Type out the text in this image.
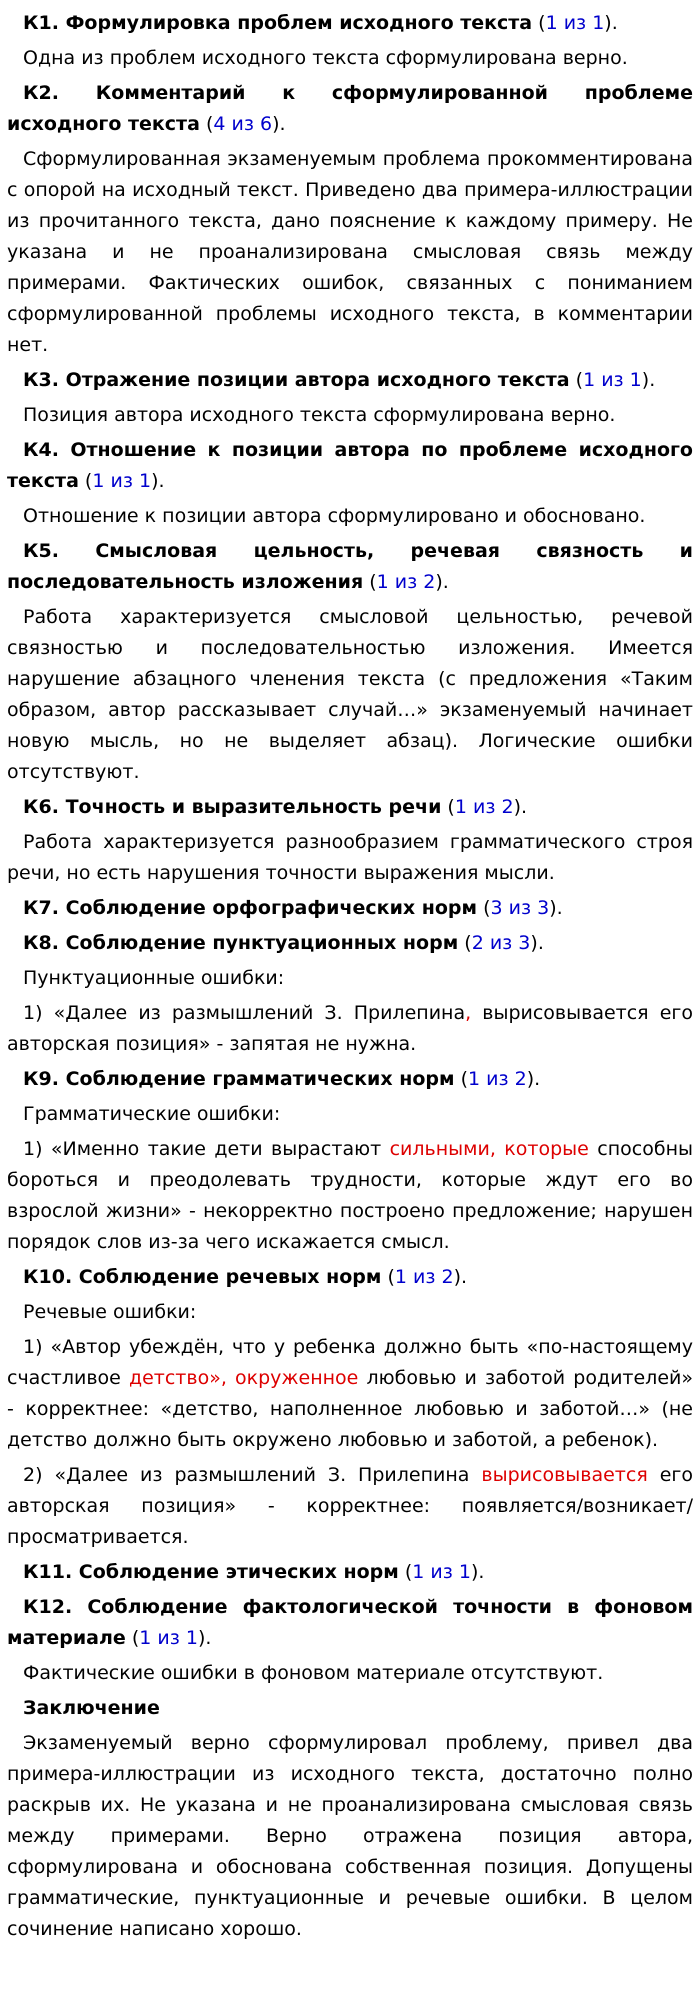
К1. Формулировка проблем исходного текста (1 из 1).

Одна из проблем исходного текста сформулирована верно.

К2. Комментарий к сформулированной проблеме исходного текста (4 из 6).

Сформулированная экзаменуемым проблема прокомментирована с опорой на исходный текст. Приведено два примера-иллюстрации из прочитанного текста, дано пояснение к каждому примеру. Не указана и не проанализирована смысловая связь между примерами. Фактических ошибок, связанных с пониманием сформулированной проблемы исходного текста, в комментарии нет.

К3. Отражение позиции автора исходного текста (1 из 1).

Позиция автора исходного текста сформулирована верно.

К4. Отношение к позиции автора по проблеме исходного текста (1 из 1).

Отношение к позиции автора сформулировано и обосновано.

К5. Смысловая цельность, речевая связность и последовательность изложения (1 из 2).

Работа характеризуется смысловой цельностью, речевой связностью и последовательностью изложения. Имеется нарушение абзацного членения текста (с предложения «Таким образом, автор рассказывает случай…» экзаменуемый начинает новую мысль, но не выделяет абзац). Логические ошибки отсутствуют.

К6. Точность и выразительность речи (1 из 2).

Работа характеризуется разнообразием грамматического строя речи, но есть нарушения точности выражения мысли.

К7. Соблюдение орфографических норм (3 из 3).

К8. Соблюдение пунктуационных норм (2 из 3).

Пунктуационные ошибки:

1) «Далее из размышлений З. Прилепина, вырисовывается его авторская позиция» - запятая не нужна.

К9. Соблюдение грамматических норм (1 из 2).

Грамматические ошибки:

1) «Именно такие дети вырастают сильными, которые способны бороться и преодолевать трудности, которые ждут его во взрослой жизни» - некорректно построено предложение; нарушен порядок слов из-за чего искажается смысл.

К10. Соблюдение речевых норм (1 из 2).

Речевые ошибки:

1) «Автор убеждён, что у ребенка должно быть «по-настоящему счастливое детство», окруженное любовью и заботой родителей» - корректнее: «детство, наполненное любовью и заботой…» (не детство должно быть окружено любовью и заботой, а ребенок).

2) «Далее из размышлений З. Прилепина вырисовывается его авторская позиция» - корректнее: появляется/возникает/просматривается.

К11. Соблюдение этических норм (1 из 1).

К12. Соблюдение фактологической точности в фоновом материале (1 из 1).

Фактические ошибки в фоновом материале отсутствуют.

Заключение

Экзаменуемый верно сформулировал проблему, привел два примера-иллюстрации из исходного текста, достаточно полно раскрыв их. Не указана и не проанализирована смысловая связь между примерами. Верно отражена позиция автора, сформулирована и обоснована собственная позиция. Допущены грамматические, пунктуационные и речевые ошибки. В целом сочинение написано хорошо.
